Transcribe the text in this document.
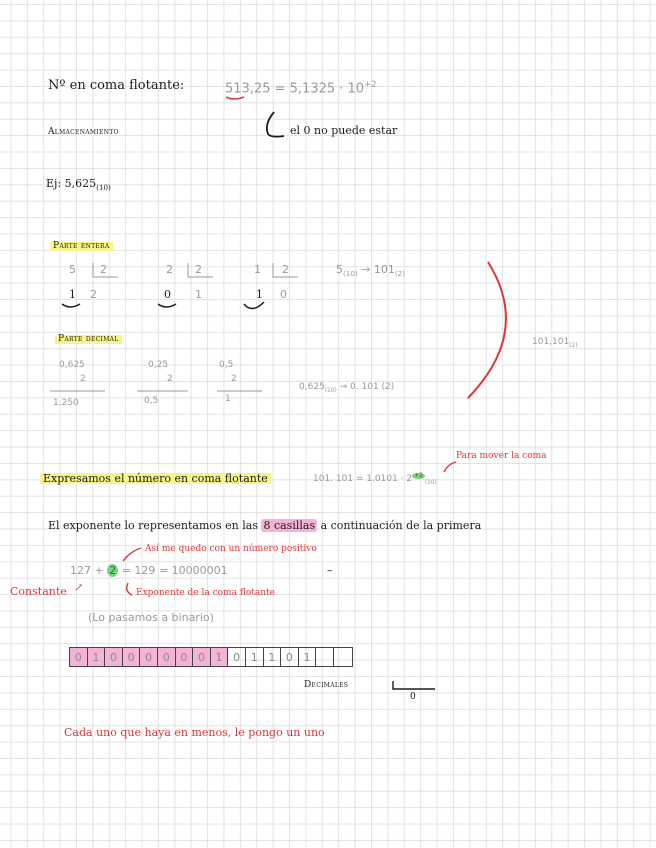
Nº en coma flotante:	$513,25 = 5,1325 \cdot 10^{+2}$
Almacenamiento	el 0 no puede estar
Ej: $5,625_{(10)}$
Parte entera
5 2
1 2
2 2
0 1
1 2
1 0
$5_{(10)} \to 101_{(2)}$
Parte decimal
0,625
2
1,250
0,25
2
0,5
0,5
2
1
$0,625_{(10)} \to 0$. 101 (2)
$101,101_{(2)}$
Para mover la coma
Expresamos el número en coma flotante	101. 101 = 1.0101 · 2 $^{+2}_{(10)}$
El exponente lo representamos en las 8 casillas a continuación de la primera
Así me quedo con un número positivo
127 + 2 = 129 = 10000001	–
Constante ↗	Exponente de la coma flotante
(Lo pasamos a binario)
0 1 0 0 0 0 0 0 1 0 1 1 0 1
Decimales
0
Cada uno que haya en menos, le pongo un uno
